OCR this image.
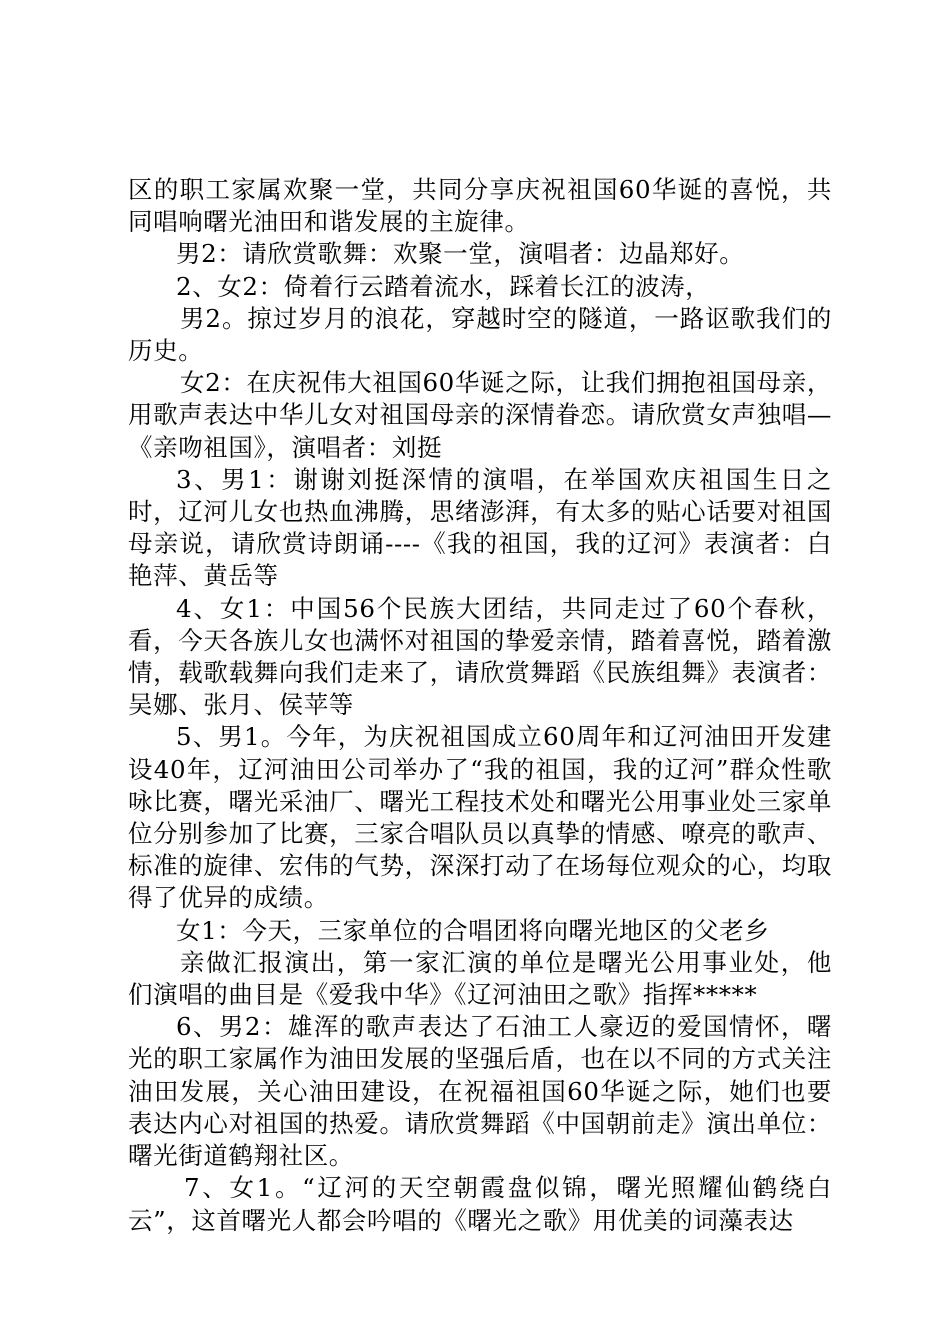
区的职工家属欢聚一堂，共同分享庆祝祖国60华诞的喜悦，共同唱响曙光油田和谐发展的主旋律。

男2：请欣赏歌舞：欢聚一堂，演唱者：边晶郑好。

2、女2：倚着行云踏着流水，踩着长江的波涛，

男2。掠过岁月的浪花，穿越时空的隧道，一路讴歌我们的历史。

女2：在庆祝伟大祖国60华诞之际，让我们拥抱祖国母亲，用歌声表达中华儿女对祖国母亲的深情眷恋。请欣赏女声独唱—《亲吻祖国》，演唱者：刘挺

3、男1：谢谢刘挺深情的演唱，在举国欢庆祖国生日之时，辽河儿女也热血沸腾，思绪澎湃，有太多的贴心话要对祖国母亲说，请欣赏诗朗诵----《我的祖国，我的辽河》表演者：白艳萍、黄岳等

4、女1：中国56个民族大团结，共同走过了60个春秋，看，今天各族儿女也满怀对祖国的挚爱亲情，踏着喜悦，踏着激情，载歌载舞向我们走来了，请欣赏舞蹈《民族组舞》表演者：吴娜、张月、侯苹等

5、男1。今年，为庆祝祖国成立60周年和辽河油田开发建设40年，辽河油田公司举办了“我的祖国，我的辽河”群众性歌咏比赛，曙光采油厂、曙光工程技术处和曙光公用事业处三家单位分别参加了比赛，三家合唱队员以真挚的情感、嘹亮的歌声、标准的旋律、宏伟的气势，深深打动了在场每位观众的心，均取得了优异的成绩。

女1：今天，三家单位的合唱团将向曙光地区的父老乡

亲做汇报演出，第一家汇演的单位是曙光公用事业处，他们演唱的曲目是《爱我中华》《辽河油田之歌》指挥*****

6、男2：雄浑的歌声表达了石油工人豪迈的爱国情怀，曙光的职工家属作为油田发展的坚强后盾，也在以不同的方式关注油田发展，关心油田建设，在祝福祖国60华诞之际，她们也要表达内心对祖国的热爱。请欣赏舞蹈《中国朝前走》演出单位：曙光街道鹤翔社区。

7、女1。“辽河的天空朝霞盘似锦，曙光照耀仙鹤绕白云”，这首曙光人都会吟唱的《曙光之歌》用优美的词藻表达
